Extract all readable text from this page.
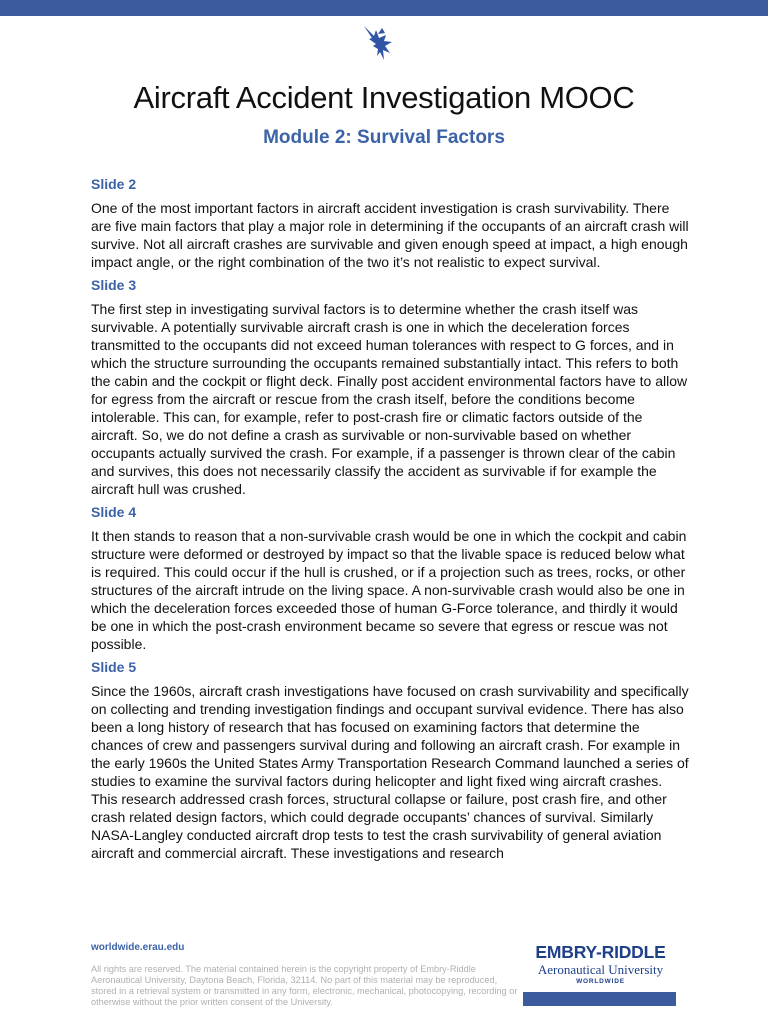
Aircraft Accident Investigation MOOC
Module 2: Survival Factors

Slide 2

One of the most important factors in aircraft accident investigation is crash survivability. There are five main factors that play a major role in determining if the occupants of an aircraft crash will survive. Not all aircraft crashes are survivable and given enough speed at impact, a high enough impact angle, or the right combination of the two it’s not realistic to expect survival.

Slide 3

The first step in investigating survival factors is to determine whether the crash itself was survivable. A potentially survivable aircraft crash is one in which the deceleration forces transmitted to the occupants did not exceed human tolerances with respect to G forces, and in which the structure surrounding the occupants remained substantially intact. This refers to both the cabin and the cockpit or flight deck. Finally post accident environmental factors have to allow for egress from the aircraft or rescue from the crash itself, before the conditions become intolerable. This can, for example, refer to post-crash fire or climatic factors outside of the aircraft. So, we do not define a crash as survivable or non-survivable based on whether occupants actually survived the crash. For example, if a passenger is thrown clear of the cabin and survives, this does not necessarily classify the accident as survivable if for example the aircraft hull was crushed.

Slide 4

It then stands to reason that a non-survivable crash would be one in which the cockpit and cabin structure were deformed or destroyed by impact so that the livable space is reduced below what is required. This could occur if the hull is crushed, or if a projection such as trees, rocks, or other structures of the aircraft intrude on the living space. A non-survivable crash would also be one in which the deceleration forces exceeded those of human G-Force tolerance, and thirdly it would be one in which the post-crash environment became so severe that egress or rescue was not possible.

Slide 5

Since the 1960s, aircraft crash investigations have focused on crash survivability and specifically on collecting and trending investigation findings and occupant survival evidence. There has also been a long history of research that has focused on examining factors that determine the chances of crew and passengers survival during and following an aircraft crash. For example in the early 1960s the United States Army Transportation Research Command launched a series of studies to examine the survival factors during helicopter and light fixed wing aircraft crashes. This research addressed crash forces, structural collapse or failure, post crash fire, and other crash related design factors, which could degrade occupants’ chances of survival. Similarly NASA-Langley conducted aircraft drop tests to test the crash survivability of general aviation aircraft and commercial aircraft. These investigations and research

worldwide.erau.edu
All rights are reserved. The material contained herein is the copyright property of Embry-Riddle Aeronautical University, Daytona Beach, Florida, 32114. No part of this material may be reproduced, stored in a retrieval system or transmitted in any form, electronic, mechanical, photocopying, recording or otherwise without the prior written consent of the University.
EMBRY-RIDDLE
Aeronautical University
WORLDWIDE
